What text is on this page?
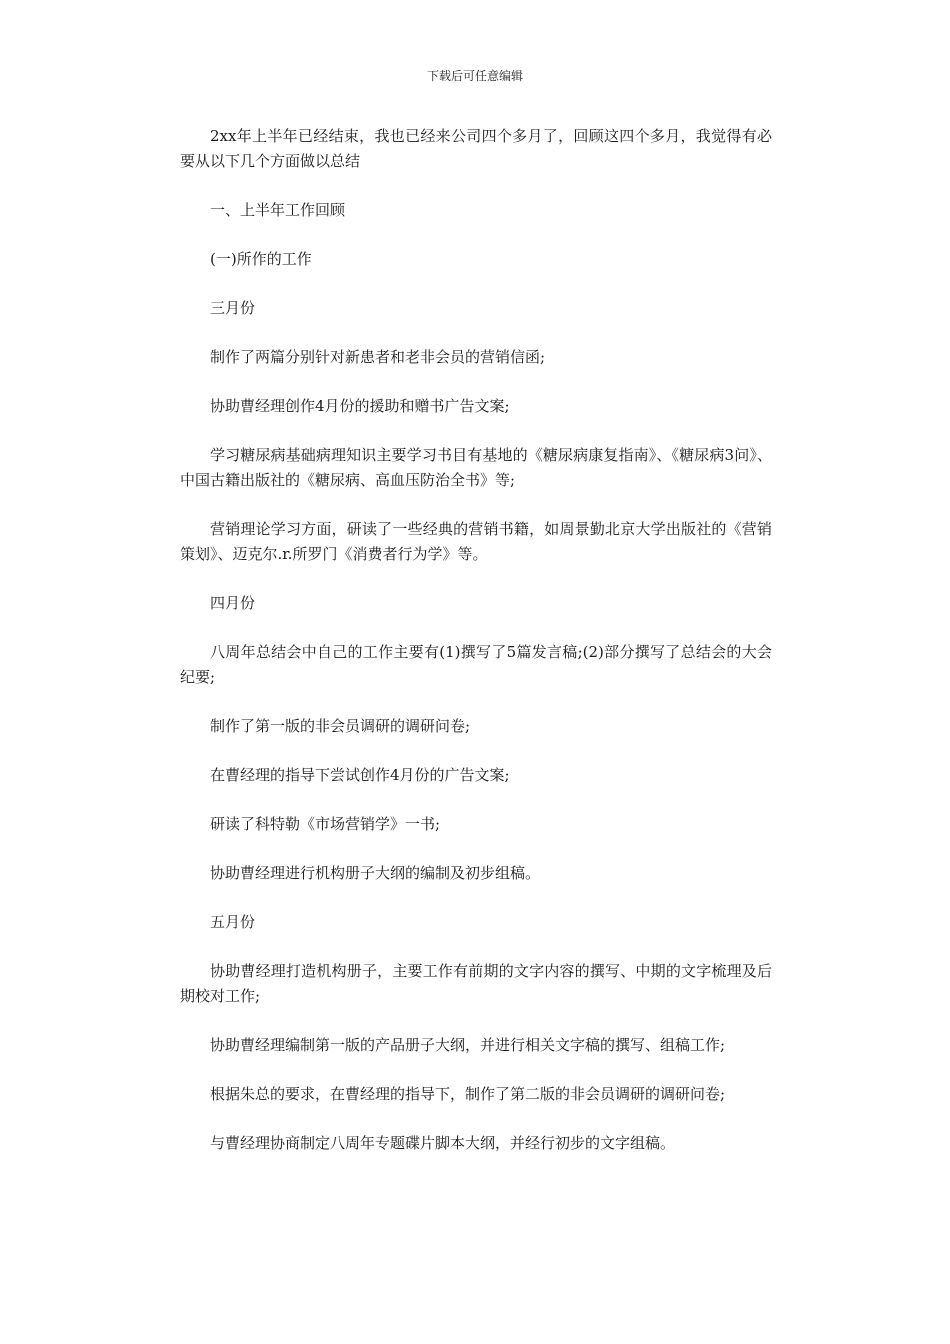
下载后可任意编辑

2xx年上半年已经结束，我也已经来公司四个多月了，回顾这四个多月，我觉得有必要从以下几个方面做以总结

一、上半年工作回顾

(一)所作的工作

三月份

制作了两篇分别针对新患者和老非会员的营销信函;

协助曹经理创作4月份的援助和赠书广告文案;

学习糖尿病基础病理知识主要学习书目有基地的《糖尿病康复指南》、《糖尿病3问》、中国古籍出版社的《糖尿病、高血压防治全书》等;

营销理论学习方面，研读了一些经典的营销书籍，如周景勤北京大学出版社的《营销策划》、迈克尔.r.所罗门《消费者行为学》等。

四月份

八周年总结会中自己的工作主要有(1)撰写了5篇发言稿;(2)部分撰写了总结会的大会纪要;

制作了第一版的非会员调研的调研问卷;

在曹经理的指导下尝试创作4月份的广告文案;

研读了科特勒《市场营销学》一书;

协助曹经理进行机构册子大纲的编制及初步组稿。

五月份

协助曹经理打造机构册子，主要工作有前期的文字内容的撰写、中期的文字梳理及后期校对工作;

协助曹经理编制第一版的产品册子大纲，并进行相关文字稿的撰写、组稿工作;

根据朱总的要求，在曹经理的指导下，制作了第二版的非会员调研的调研问卷;

与曹经理协商制定八周年专题碟片脚本大纲，并经行初步的文字组稿。
